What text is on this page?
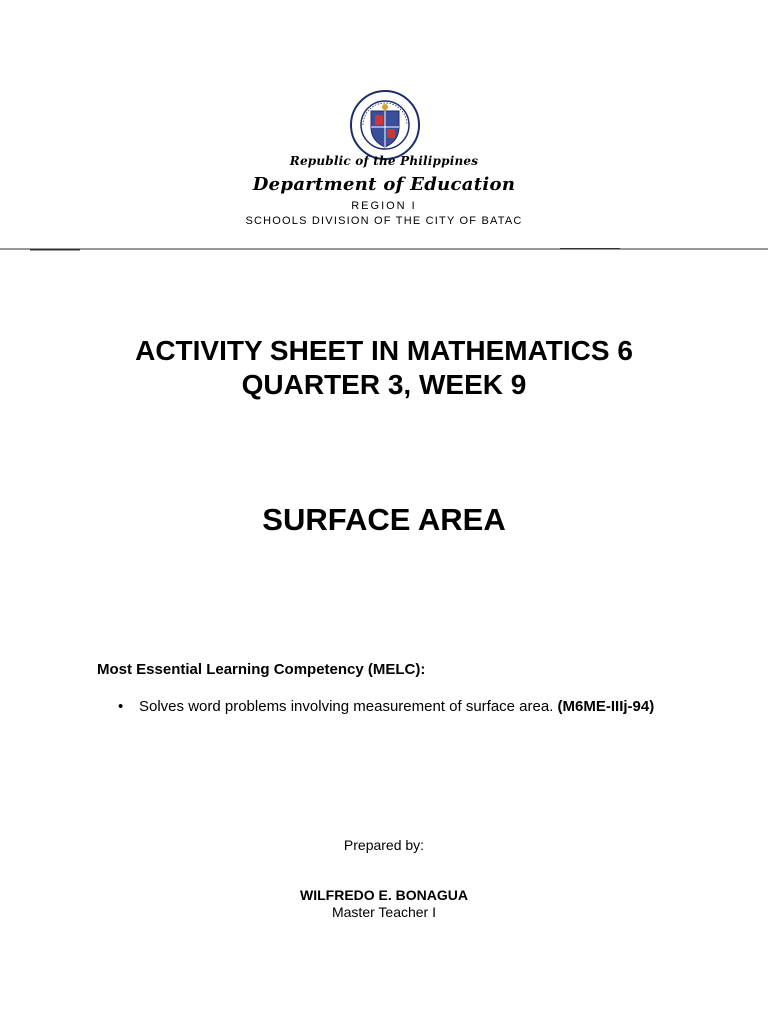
Republic of the Philippines
Department of Education
REGION I
SCHOOLS DIVISION OF THE CITY OF BATAC
ACTIVITY SHEET IN MATHEMATICS 6
QUARTER 3, WEEK 9
SURFACE AREA
Most Essential Learning Competency (MELC):
•	Solves word problems involving measurement of surface area. (M6ME-IIIj-94)
Prepared by:
WILFREDO E. BONAGUA
Master Teacher I
